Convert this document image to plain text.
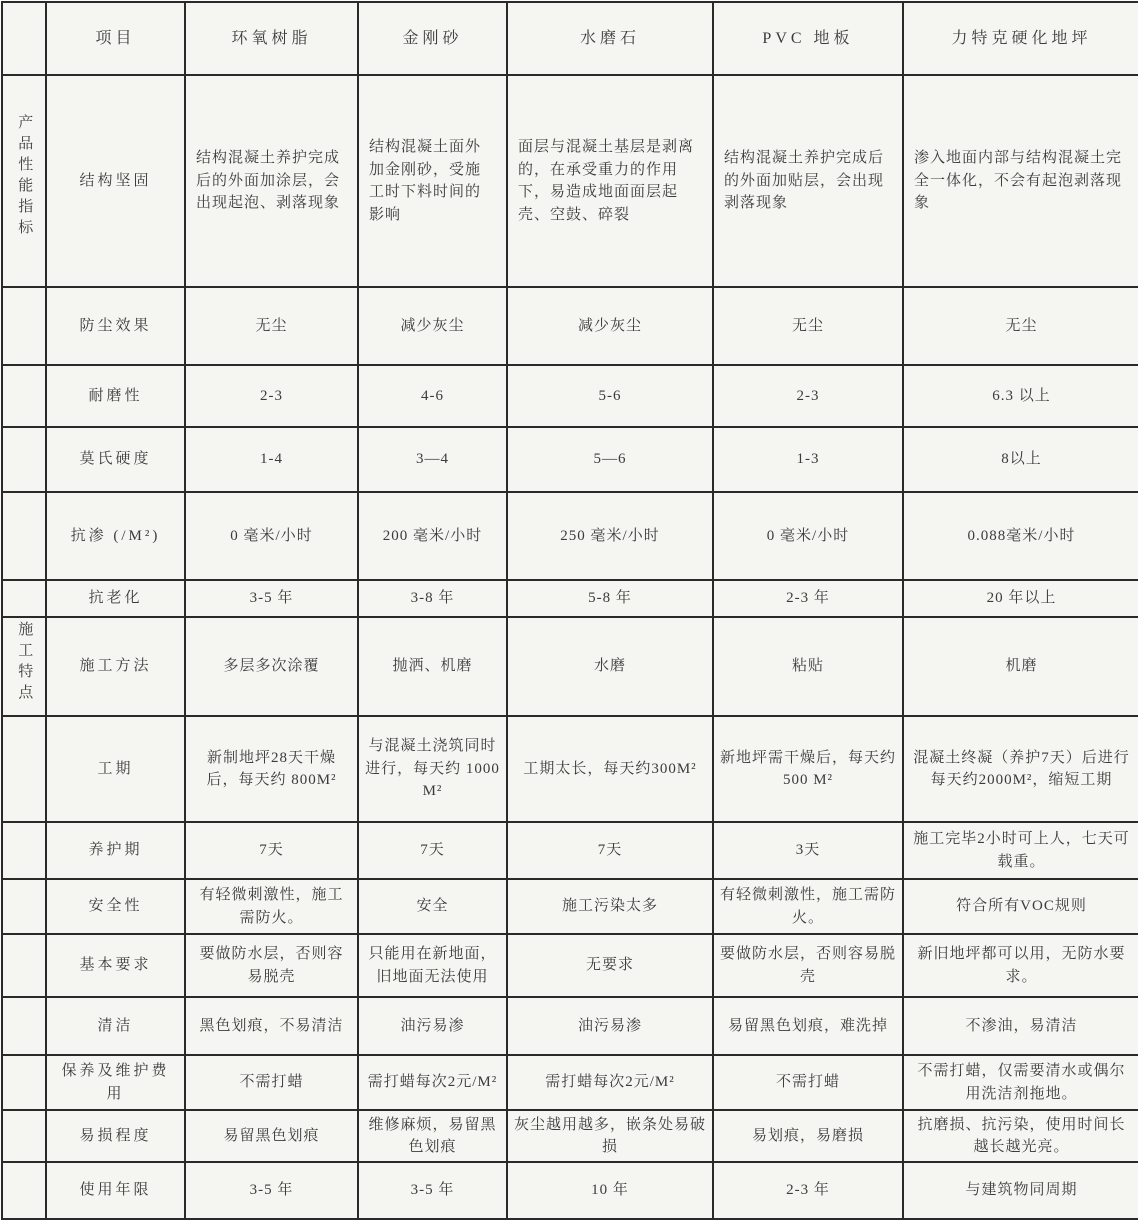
	项目	环氧树脂	金刚砂	水磨石	PVC 地板	力特克硬化地坪
产品性能指标	结构坚固	结构混凝土养护完成后的外面加涂层，会出现起泡、剥落现象	结构混凝土面外加金刚砂，受施工时下料时间的影响	面层与混凝土基层是剥离的，在承受重力的作用下，易造成地面面层起壳、空鼓、碎裂	结构混凝土养护完成后的外面加贴层，会出现剥落现象	渗入地面内部与结构混凝土完全一体化，不会有起泡剥落现象
	防尘效果	无尘	减少灰尘	减少灰尘	无尘	无尘
	耐磨性	2-3	4-6	5-6	2-3	6.3 以上
	莫氏硬度	1-4	3—4	5—6	1-3	8以上
	抗渗 (/M²)	0 毫米/小时	200 毫米/小时	250 毫米/小时	0 毫米/小时	0.088毫米/小时
	抗老化	3-5 年	3-8 年	5-8 年	2-3 年	20 年以上
施工特点	施工方法	多层多次涂覆	抛洒、机磨	水磨	粘贴	机磨
	工期	新制地坪28天干燥后，每天约 800M²	与混凝土浇筑同时进行，每天约 1000M²	工期太长，每天约300M²	新地坪需干燥后，每天约500 M²	混凝土终凝（养护7天）后进行每天约2000M²，缩短工期
	养护期	7天	7天	7天	3天	施工完毕2小时可上人，七天可载重。
	安全性	有轻微刺激性，施工需防火。	安全	施工污染太多	有轻微刺激性，施工需防火。	符合所有VOC规则
	基本要求	要做防水层，否则容易脱壳	只能用在新地面，旧地面无法使用	无要求	要做防水层，否则容易脱壳	新旧地坪都可以用，无防水要求。
	清洁	黑色划痕，不易清洁	油污易渗	油污易渗	易留黑色划痕，难洗掉	不渗油，易清洁
	保养及维护费用	不需打蜡	需打蜡每次2元/M²	需打蜡每次2元/M²	不需打蜡	不需打蜡，仅需要清水或偶尔用洗洁剂拖地。
	易损程度	易留黑色划痕	维修麻烦，易留黑色划痕	灰尘越用越多，嵌条处易破损	易划痕，易磨损	抗磨损、抗污染，使用时间长越长越光亮。
	使用年限	3-5 年	3-5 年	10 年	2-3 年	与建筑物同周期
